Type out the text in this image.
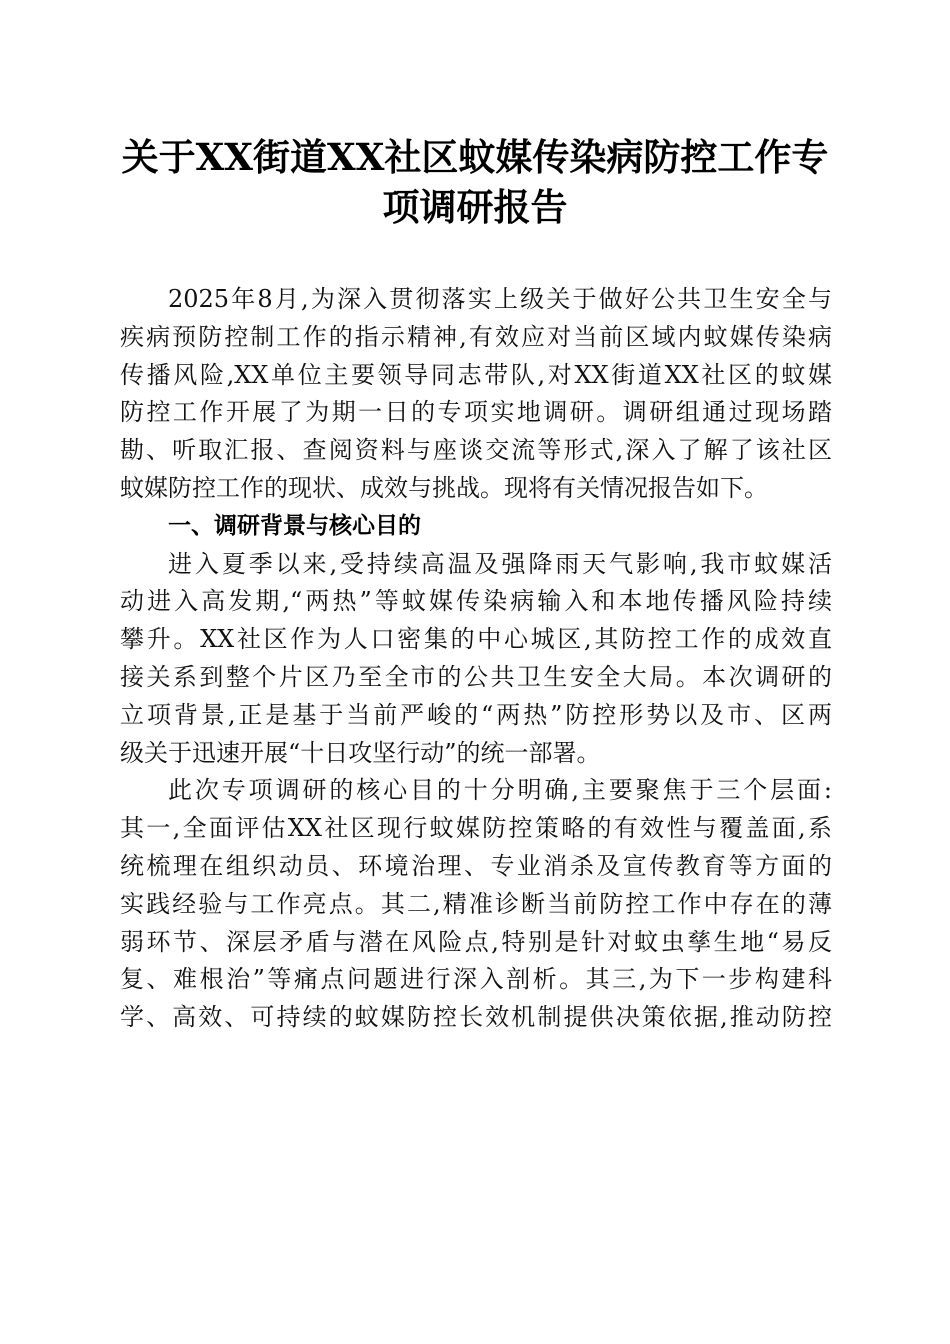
关于XX街道XX社区蚊媒传染病防控工作专
项调研报告
2025年8月,为深入贯彻落实上级关于做好公共卫生安全与
疾病预防控制工作的指示精神,有效应对当前区域内蚊媒传染病
传播风险,XX单位主要领导同志带队,对XX街道XX社区的蚊媒
防控工作开展了为期一日的专项实地调研。调研组通过现场踏
勘、听取汇报、查阅资料与座谈交流等形式,深入了解了该社区
蚊媒防控工作的现状、成效与挑战。现将有关情况报告如下。
一、调研背景与核心目的
进入夏季以来,受持续高温及强降雨天气影响,我市蚊媒活
动进入高发期,“两热”等蚊媒传染病输入和本地传播风险持续
攀升。XX社区作为人口密集的中心城区,其防控工作的成效直
接关系到整个片区乃至全市的公共卫生安全大局。本次调研的
立项背景,正是基于当前严峻的“两热”防控形势以及市、区两
级关于迅速开展“十日攻坚行动”的统一部署。
此次专项调研的核心目的十分明确,主要聚焦于三个层面:
其一,全面评估XX社区现行蚊媒防控策略的有效性与覆盖面,系
统梳理在组织动员、环境治理、专业消杀及宣传教育等方面的
实践经验与工作亮点。其二,精准诊断当前防控工作中存在的薄
弱环节、深层矛盾与潜在风险点,特别是针对蚊虫孳生地“易反
复、难根治”等痛点问题进行深入剖析。其三,为下一步构建科
学、高效、可持续的蚊媒防控长效机制提供决策依据,推动防控
